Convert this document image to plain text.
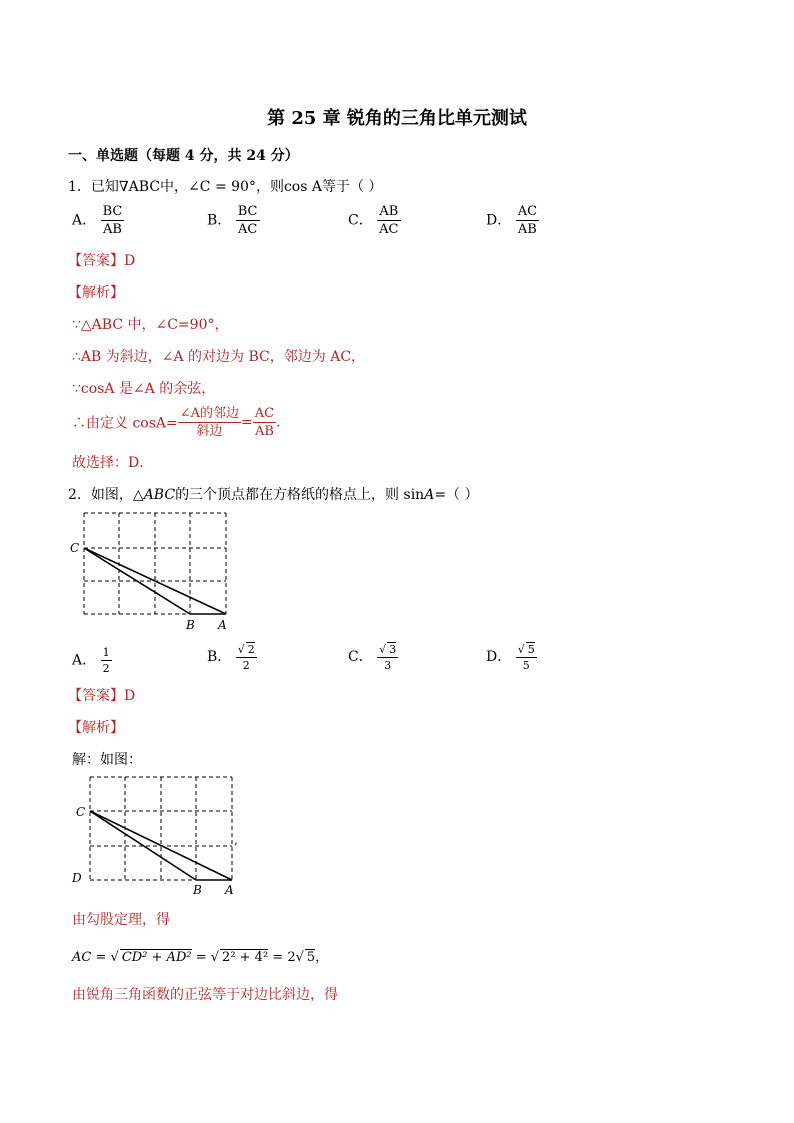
第 25 章 锐角的三角比单元测试
一、单选题（每题 4 分，共 24 分）
1．已知∇ABC中，∠C = 90°，则cos A等于（ ）
A． $\frac{BC}{AB}$	B． $\frac{BC}{AC}$	C． $\frac{AB}{AC}$	D． $\frac{AC}{AB}$
【答案】D
【解析】
∵△ABC 中，∠C=90°，
∴AB 为斜边，∠A 的对边为 BC，邻边为 AC，
∵cosA 是∠A 的余弦，
∴由定义 $\cos A= \frac{\text{∠A的邻边}}{\text{斜边}} = \frac{AC}{AB}$ .
故选择：D．
2．如图，△ABC的三个顶点都在方格纸的格点上，则 sinA=（ ）
C
B A
A． $\frac{1}{2}$	B． $\frac{√ 2}{2}$	C． $\frac{√ 3}{3}$	D． $\frac{√ 5}{5}$
【答案】D
【解析】
解：如图：
C
D
B A
,
由勾股定理，得
AC = √ CD² + AD² = √ 2² + 4² = 2√ 5，
由锐角三角函数的正弦等于对边比斜边，得
